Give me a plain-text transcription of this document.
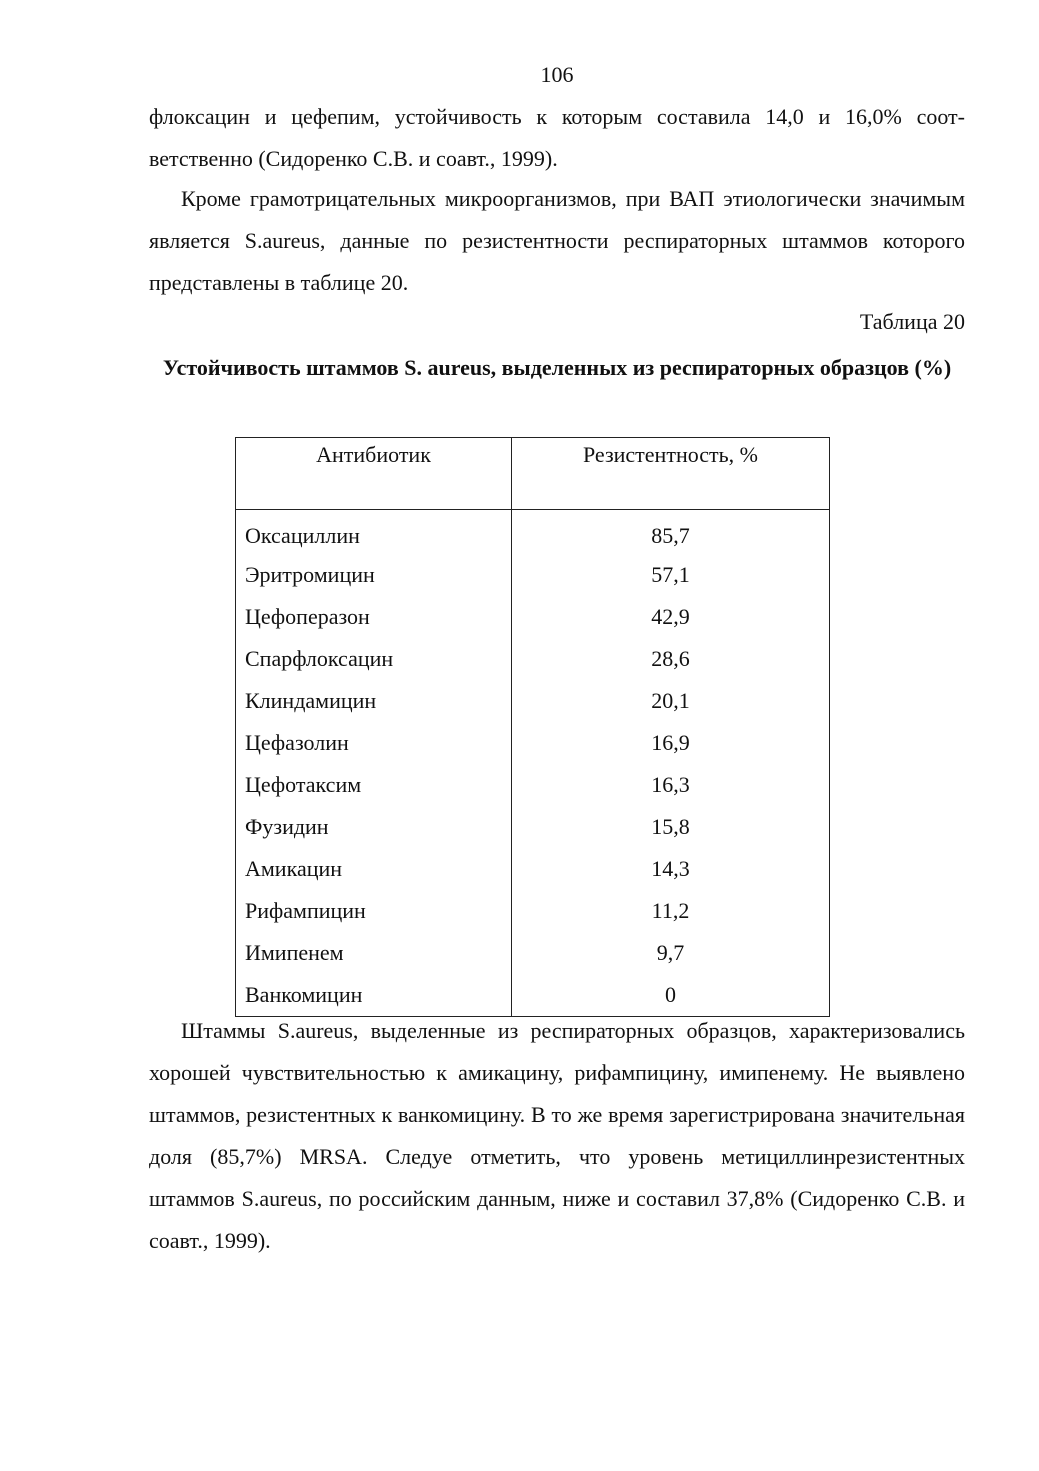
106
флоксацин и цефепим, устойчивость к которым составила 14,0 и 16,0% соответственно (Сидоренко С.В. и соавт., 1999).
Кроме грамотрицательных микроорганизмов, при ВАП этиологически значимым является S.aureus, данные по резистентности респираторных штаммов которого представлены в таблице 20.
Таблица 20
Устойчивость штаммов S. aureus, выделенных из респираторных образцов (%)
Антибиотик	Резистентность, %
Оксациллин	85,7
Эритромицин	57,1
Цефоперазон	42,9
Спарфлоксацин	28,6
Клиндамицин	20,1
Цефазолин	16,9
Цефотаксим	16,3
Фузидин	15,8
Амикацин	14,3
Рифампицин	11,2
Имипенем	9,7
Ванкомицин	0
Штаммы S.aureus, выделенные из респираторных образцов, характеризовались хорошей чувствительностью к амикацину, рифампицину, имипенему. Не выявлено штаммов, резистентных к ванкомицину. В то же время зарегистрирована значительная доля (85,7%) MRSA. Следуе отметить, что уровень метициллинрезистентных штаммов S.aureus, по российским данным, ниже и составил 37,8% (Сидоренко С.В. и соавт., 1999).
